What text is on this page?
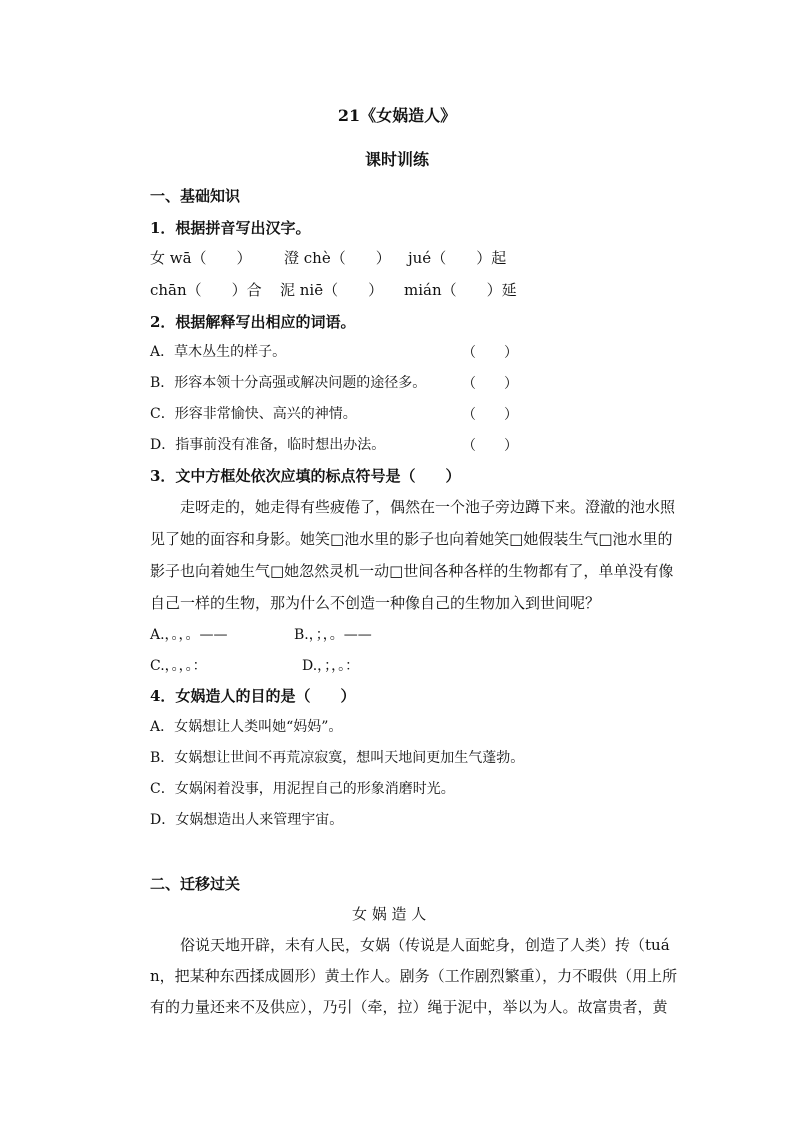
21《女娲造人》
课时训练
一、基础知识
1．根据拼音写出汉字。
女 wā（　　） 澄 chè（　　） jué（　　）起
chān（　　）合 泥 niē（　　） mián（　　）延
2．根据解释写出相应的词语。
A．草木丛生的样子。	（　　）
B．形容本领十分高强或解决问题的途径多。	（　　）
C．形容非常愉快、高兴的神情。	（　　）
D．指事前没有准备，临时想出办法。	（　　）
3．文中方框处依次应填的标点符号是（　　）
　　走呀走的，她走得有些疲倦了，偶然在一个池子旁边蹲下来。澄澈的池水照
见了她的面容和身影。她笑□池水里的影子也向着她笑□她假装生气□池水里的
影子也向着她生气□她忽然灵机一动□世间各种各样的生物都有了，单单没有像
自己一样的生物，那为什么不创造一种像自己的生物加入到世间呢？
A.，。，。——	B.，；，。——
C.，。，。：	D.，；，。：
4．女娲造人的目的是（　　）
A．女娲想让人类叫她“妈妈”。
B．女娲想让世间不再荒凉寂寞，想叫天地间更加生气蓬勃。
C．女娲闲着没事，用泥捏自己的形象消磨时光。
D．女娲想造出人来管理宇宙。
二、迁移过关
女 娲 造 人
　　俗说天地开辟，未有人民，女娲（传说是人面蛇身，创造了人类）抟（tuá
n，把某种东西揉成圆形）黄土作人。剧务（工作剧烈繁重），力不暇供（用上所
有的力量还来不及供应），乃引（牵，拉）绳于泥中，举以为人。故富贵者，黄
